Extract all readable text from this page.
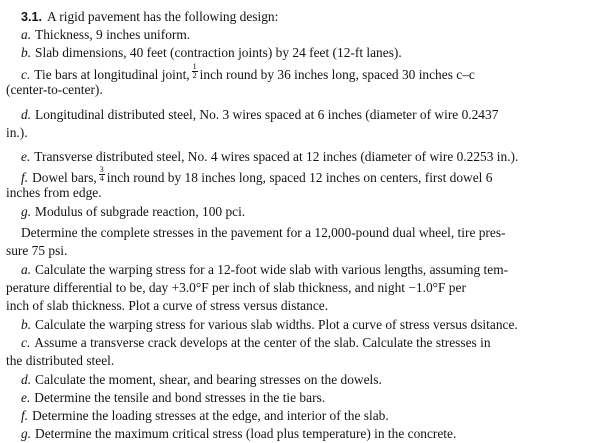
3.1. A rigid pavement has the following design:
a. Thickness, 9 inches uniform.
b. Slab dimensions, 40 feet (contraction joints) by 24 feet (12-ft lanes).
c. Tie bars at longitudinal joint, $\frac{1}{2}$ inch round by 36 inches long, spaced 30 inches c–c
(center-to-center).
d. Longitudinal distributed steel, No. 3 wires spaced at 6 inches (diameter of wire 0.2437
in.).
e. Transverse distributed steel, No. 4 wires spaced at 12 inches (diameter of wire 0.2253 in.).
f. Dowel bars, $\frac{3}{4}$ inch round by 18 inches long, spaced 12 inches on centers, first dowel 6
inches from edge.
g. Modulus of subgrade reaction, 100 pci.
Determine the complete stresses in the pavement for a 12,000-pound dual wheel, tire pres-
sure 75 psi.
a. Calculate the warping stress for a 12-foot wide slab with various lengths, assuming tem-
perature differential to be, day +3.0°F per inch of slab thickness, and night −1.0°F per
inch of slab thickness. Plot a curve of stress versus distance.
b. Calculate the warping stress for various slab widths. Plot a curve of stress versus dsitance.
c. Assume a transverse crack develops at the center of the slab. Calculate the stresses in
the distributed steel.
d. Calculate the moment, shear, and bearing stresses on the dowels.
e. Determine the tensile and bond stresses in the tie bars.
f. Determine the loading stresses at the edge, and interior of the slab.
g. Determine the maximum critical stress (load plus temperature) in the concrete.
